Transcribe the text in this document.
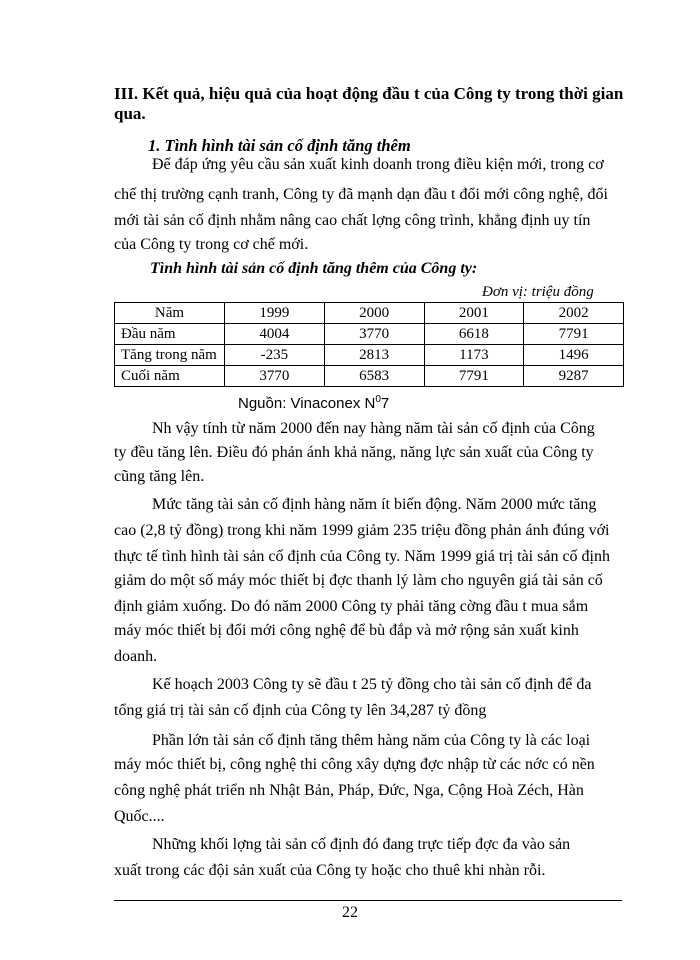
III. Kết quả, hiệu quả của hoạt động đầu t của Công ty trong thời gian qua.
1. Tình hình tài sản cố định tăng thêm
Để đáp ứng yêu cầu sản xuất kinh doanh trong điều kiện mới, trong cơ
chế thị trường cạnh tranh, Công ty đã mạnh dạn đầu t đổi mới công nghệ, đổi
mới tài sản cố định nhằm nâng cao chất lợng công trình, khẳng định uy tín
của Công ty trong cơ chế mới.
Tình hình tài sản cố định tăng thêm của Công ty:
Đơn vị: triệu đồng
Năm	1999	2000	2001	2002
Đầu năm	4004	3770	6618	7791
Tăng trong năm	-235	2813	1173	1496
Cuối năm	3770	6583	7791	9287
Nguồn: Vinaconex $N^07$
Nh vậy tính từ năm 2000 đến nay hàng năm tài sản cố định của Công
ty đều tăng lên. Điều đó phản ánh khả năng, năng lực sản xuất của Công ty
cũng tăng lên.
Mức tăng tài sản cố định hàng năm ít biến động. Năm 2000 mức tăng
cao (2,8 tỷ đồng) trong khi năm 1999 giảm 235 triệu đồng phản ánh đúng với
thực tế tình hình tài sản cố định của Công ty. Năm 1999 giá trị tài sản cố định
giảm do một số máy móc thiết bị đợc thanh lý làm cho nguyên giá tài sản cố
định giảm xuống. Do đó năm 2000 Công ty phải tăng cờng đầu t mua sắm
máy móc thiết bị đổi mới công nghệ để bù đắp và mở rộng sản xuất kinh
doanh.
Kế hoạch 2003 Công ty sẽ đầu t 25 tỷ đồng cho tài sản cố định để đa
tổng giá trị tài sản cố định của Công ty lên 34,287 tỷ đồng
Phần lớn tài sản cố định tăng thêm hàng năm của Công ty là các loại
máy móc thiết bị, công nghệ thi công xây dựng đợc nhập từ các nớc có nền
công nghệ phát triển nh Nhật Bản, Pháp, Đức, Nga, Cộng Hoà Zéch, Hàn
Quốc....
Những khối lợng tài sản cố định đó đang trực tiếp đợc đa vào sản
xuất trong các đội sản xuất của Công ty hoặc cho thuê khi nhàn rỗi.
22
